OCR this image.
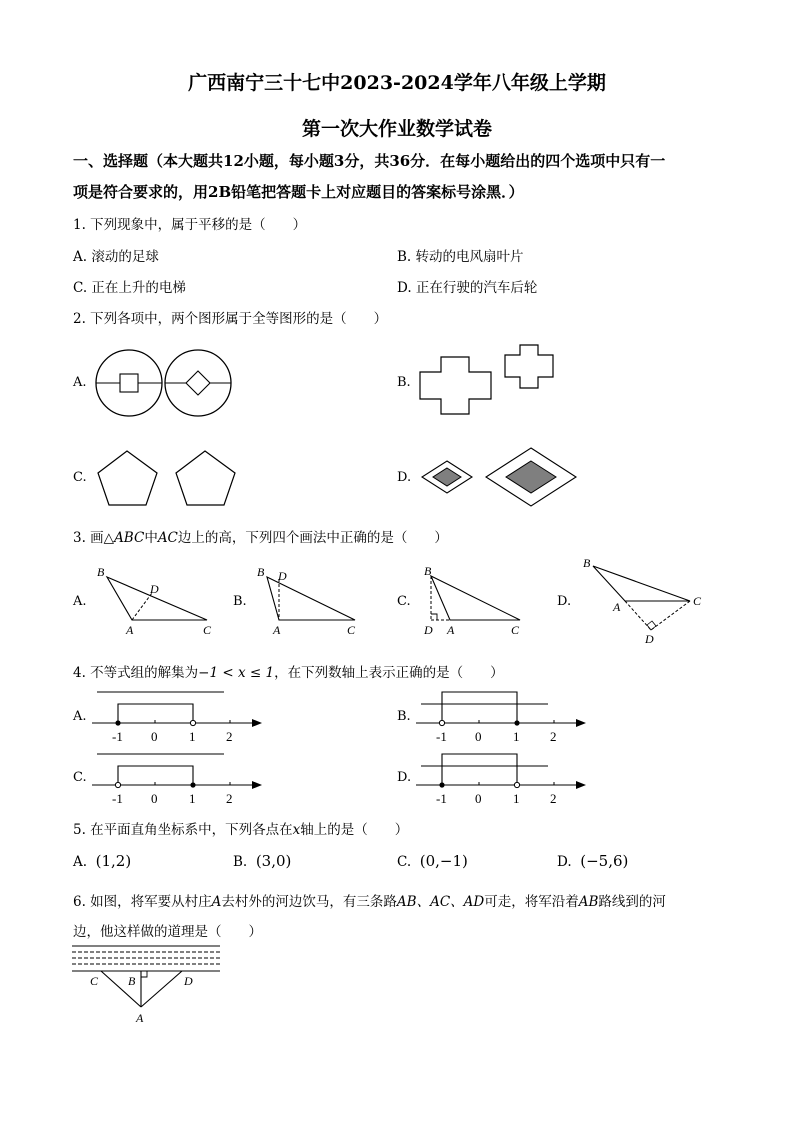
广西南宁三十七中2023-2024学年八年级上学期
第一次大作业数学试卷
一、选择题（本大题共12小题，每小题3分，共36分．在每小题给出的四个选项中只有一
项是符合要求的，用2B铅笔把答题卡上对应题目的答案标号涂黑．）
1. 下列现象中，属于平移的是（　　）
A. 滚动的足球	B. 转动的电风扇叶片
C. 正在上升的电梯	D. 正在行驶的汽车后轮
2. 下列各项中，两个图形属于全等图形的是（　　）
A.	B.
C.	D.
3. 画△ABC中AC边上的高，下列四个画法中正确的是（　　）
A.
B
D
A	C
B.
B D
A	C
C.
B
D A	C
D.
B
A	C
D
4. 不等式组的解集为−1 < x ≤ 1，在下列数轴上表示正确的是（　　）
A.
-1 0 1 2
B.
-1 0 1 2
C.
-1 0 1 2
D.
-1 0 1 2
5. 在平面直角坐标系中，下列各点在x轴上的是（　　）
A. (1,2)	B. (3,0)	C. (0,−1)	D. (−5,6)
6. 如图，将军要从村庄A去村外的河边饮马，有三条路AB、AC、AD可走，将军沿着AB路线到的河
边，他这样做的道理是（　　）
C B	D
A
